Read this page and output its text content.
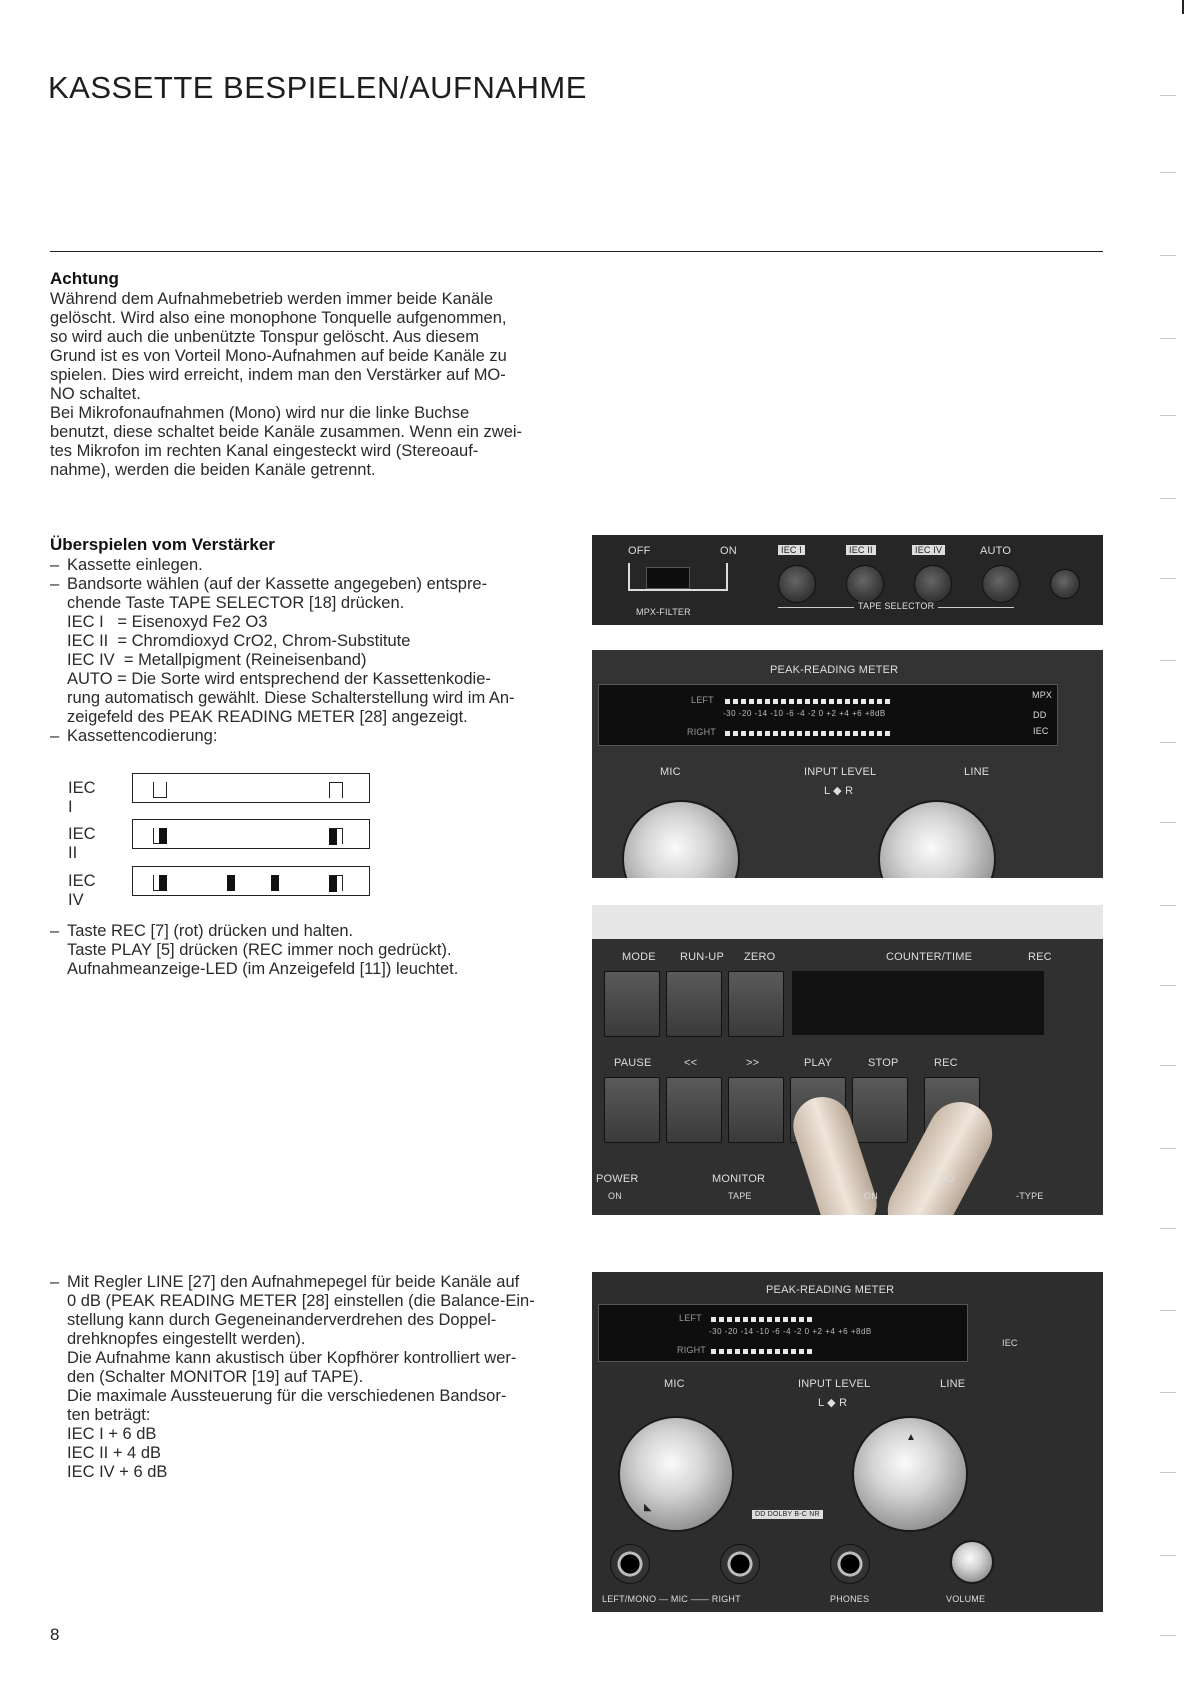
KASSETTE BESPIELEN/AUFNAHME
Achtung

Während dem Aufnahmebetrieb werden immer beide Kanäle

gelöscht. Wird also eine monophone Tonquelle aufgenommen,

so wird auch die unbenützte Tonspur gelöscht. Aus diesem

Grund ist es von Vorteil Mono-Aufnahmen auf beide Kanäle zu

spielen. Dies wird erreicht, indem man den Verstärker auf MO-

NO schaltet.

Bei Mikrofonaufnahmen (Mono) wird nur die linke Buchse

benutzt, diese schaltet beide Kanäle zusammen. Wenn ein zwei-

tes Mikrofon im rechten Kanal eingesteckt wird (Stereoauf-

nahme), werden die beiden Kanäle getrennt.

Überspielen vom Verstärker

– Kassette einlegen.

– Bandsorte wählen (auf der Kassette angegeben) entspre-

chende Taste TAPE SELECTOR [18] drücken.

IEC I   = Eisenoxyd Fe2 O3

IEC II  = Chromdioxyd CrO2, Chrom-Substitute

IEC IV  = Metallpigment (Reineisenband)

AUTO = Die Sorte wird entsprechend der Kassettenkodie-

rung automatisch gewählt. Diese Schalterstellung wird im An-

zeigefeld des PEAK READING METER [28] angezeigt.

– Kassettencodierung:

IEC I
IEC II
IEC IV

– Taste REC [7] (rot) drücken und halten.

Taste PLAY [5] drücken (REC immer noch gedrückt).

Aufnahmeanzeige-LED (im Anzeigefeld [11]) leuchtet.

– Mit Regler LINE [27] den Aufnahmepegel für beide Kanäle auf

0 dB (PEAK READING METER [28] einstellen (die Balance-Ein-

stellung kann durch Gegeneinanderverdrehen des Doppel-

drehknopfes eingestellt werden).

Die Aufnahme kann akustisch über Kopfhörer kontrolliert wer-

den (Schalter MONITOR [19] auf TAPE).

Die maximale Aussteuerung für die verschiedenen Bandsor-

ten beträgt:

IEC I + 6 dB

IEC II + 4 dB

IEC IV + 6 dB

8
OFF	ON
MPX-FILTER
IEC I	IEC II	IEC IV	AUTO
TAPE SELECTOR
PEAK-READING METER
LEFT
-30 -20 -14 -10 -6 -4 -2 0 +2 +4 +6 +8dB
RIGHT
MPX
DD
IEC
MIC	INPUT LEVEL
L ◆ R
LINE
MODE RUN-UP ZERO	COUNTER/TIME	REC
PAUSE	<<	>>	PLAY	STOP	REC
POWER
ON
MONITOR
TAPE
DO
ON	-TYPE
PEAK-READING METER
LEFT
-30 -20 -14 -10 -6 -4 -2 0 +2 +4 +6 +8dB
RIGHT
IEC
MIC	INPUT LEVEL
L ◆ R
LINE
◣
▲
DD DOLBY B-C NR
LEFT/MONO — MIC —— RIGHT	PHONES	VOLUME
